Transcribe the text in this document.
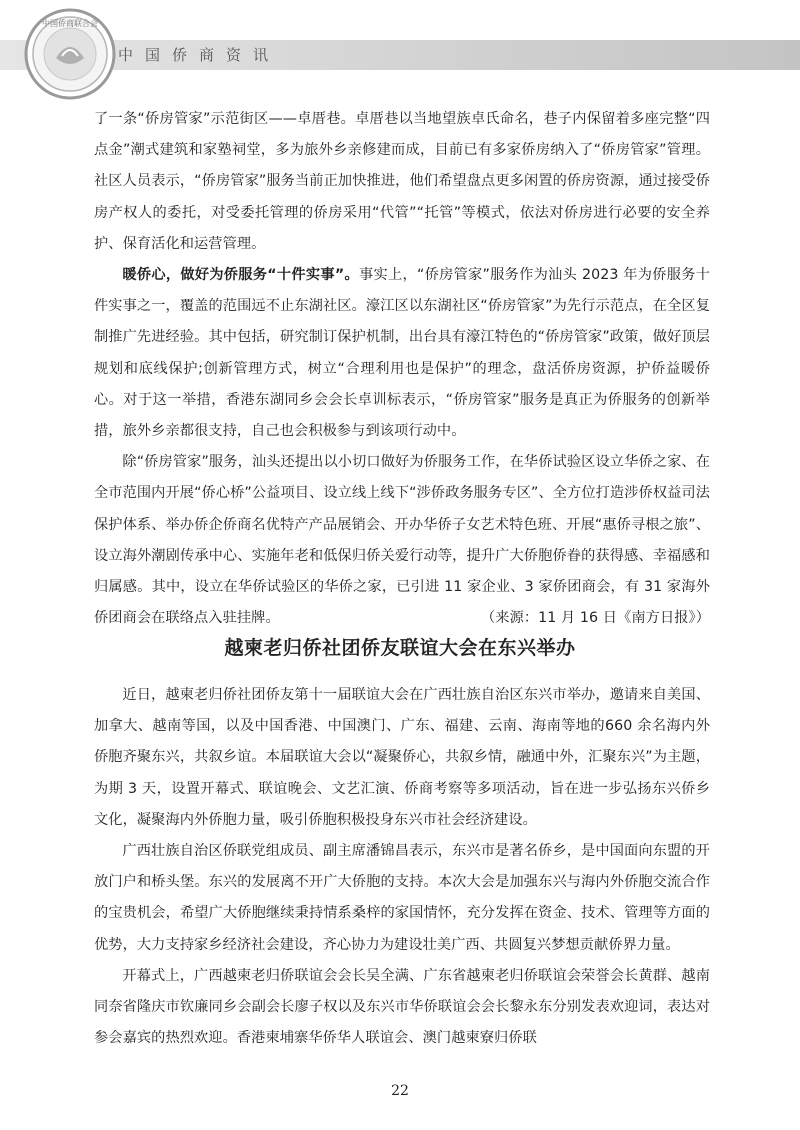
中国侨商联合会
中国侨商资讯

了一条“侨房管家”示范街区——卓厝巷。卓厝巷以当地望族卓氏命名，巷子内保留着多座完整“四点金”潮式建筑和家塾祠堂，多为旅外乡亲修建而成，目前已有多家侨房纳入了“侨房管家”管理。社区人员表示，“侨房管家”服务当前正加快推进，他们希望盘点更多闲置的侨房资源，通过接受侨房产权人的委托，对受委托管理的侨房采用“代管”“托管”等模式，依法对侨房进行必要的安全养护、保育活化和运营管理。

暖侨心，做好为侨服务“十件实事”。事实上，“侨房管家”服务作为汕头 2023 年为侨服务十件实事之一，覆盖的范围远不止东湖社区。濠江区以东湖社区“侨房管家”为先行示范点，在全区复制推广先进经验。其中包括，研究制订保护机制，出台具有濠江特色的“侨房管家”政策，做好顶层规划和底线保护;创新管理方式，树立“合理利用也是保护”的理念，盘活侨房资源，护侨益暖侨心。对于这一举措，香港东湖同乡会会长卓训标表示，“侨房管家”服务是真正为侨服务的创新举措，旅外乡亲都很支持，自己也会积极参与到该项行动中。

除“侨房管家”服务，汕头还提出以小切口做好为侨服务工作，在华侨试验区设立华侨之家、在全市范围内开展“侨心桥”公益项目、设立线上线下“涉侨政务服务专区”、全方位打造涉侨权益司法保护体系、举办侨企侨商名优特产产品展销会、开办华侨子女艺术特色班、开展“惠侨寻根之旅”、设立海外潮剧传承中心、实施年老和低保归侨关爱行动等，提升广大侨胞侨眷的获得感、幸福感和归属感。其中，设立在华侨试验区的华侨之家，已引进 11 家企业、3 家侨团商会，有 31 家海外侨团商会在联络点入驻挂牌。	（来源：11 月 16 日《南方日报》）

越柬老归侨社团侨友联谊大会在东兴举办

近日，越柬老归侨社团侨友第十一届联谊大会在广西壮族自治区东兴市举办，邀请来自美国、加拿大、越南等国，以及中国香港、中国澳门、广东、福建、云南、海南等地的660 余名海内外侨胞齐聚东兴，共叙乡谊。本届联谊大会以“凝聚侨心，共叙乡情，融通中外，汇聚东兴”为主题，为期 3 天，设置开幕式、联谊晚会、文艺汇演、侨商考察等多项活动，旨在进一步弘扬东兴侨乡文化，凝聚海内外侨胞力量，吸引侨胞积极投身东兴市社会经济建设。

广西壮族自治区侨联党组成员、副主席潘锦昌表示，东兴市是著名侨乡，是中国面向东盟的开放门户和桥头堡。东兴的发展离不开广大侨胞的支持。本次大会是加强东兴与海内外侨胞交流合作的宝贵机会，希望广大侨胞继续秉持情系桑梓的家国情怀，充分发挥在资金、技术、管理等方面的优势，大力支持家乡经济社会建设，齐心协力为建设壮美广西、共圆复兴梦想贡献侨界力量。

开幕式上，广西越柬老归侨联谊会会长吴全满、广东省越柬老归侨联谊会荣誉会长黄群、越南同奈省隆庆市钦廉同乡会副会长廖子权以及东兴市华侨联谊会会长黎永东分别发表欢迎词，表达对参会嘉宾的热烈欢迎。香港柬埔寨华侨华人联谊会、澳门越柬寮归侨联

22
